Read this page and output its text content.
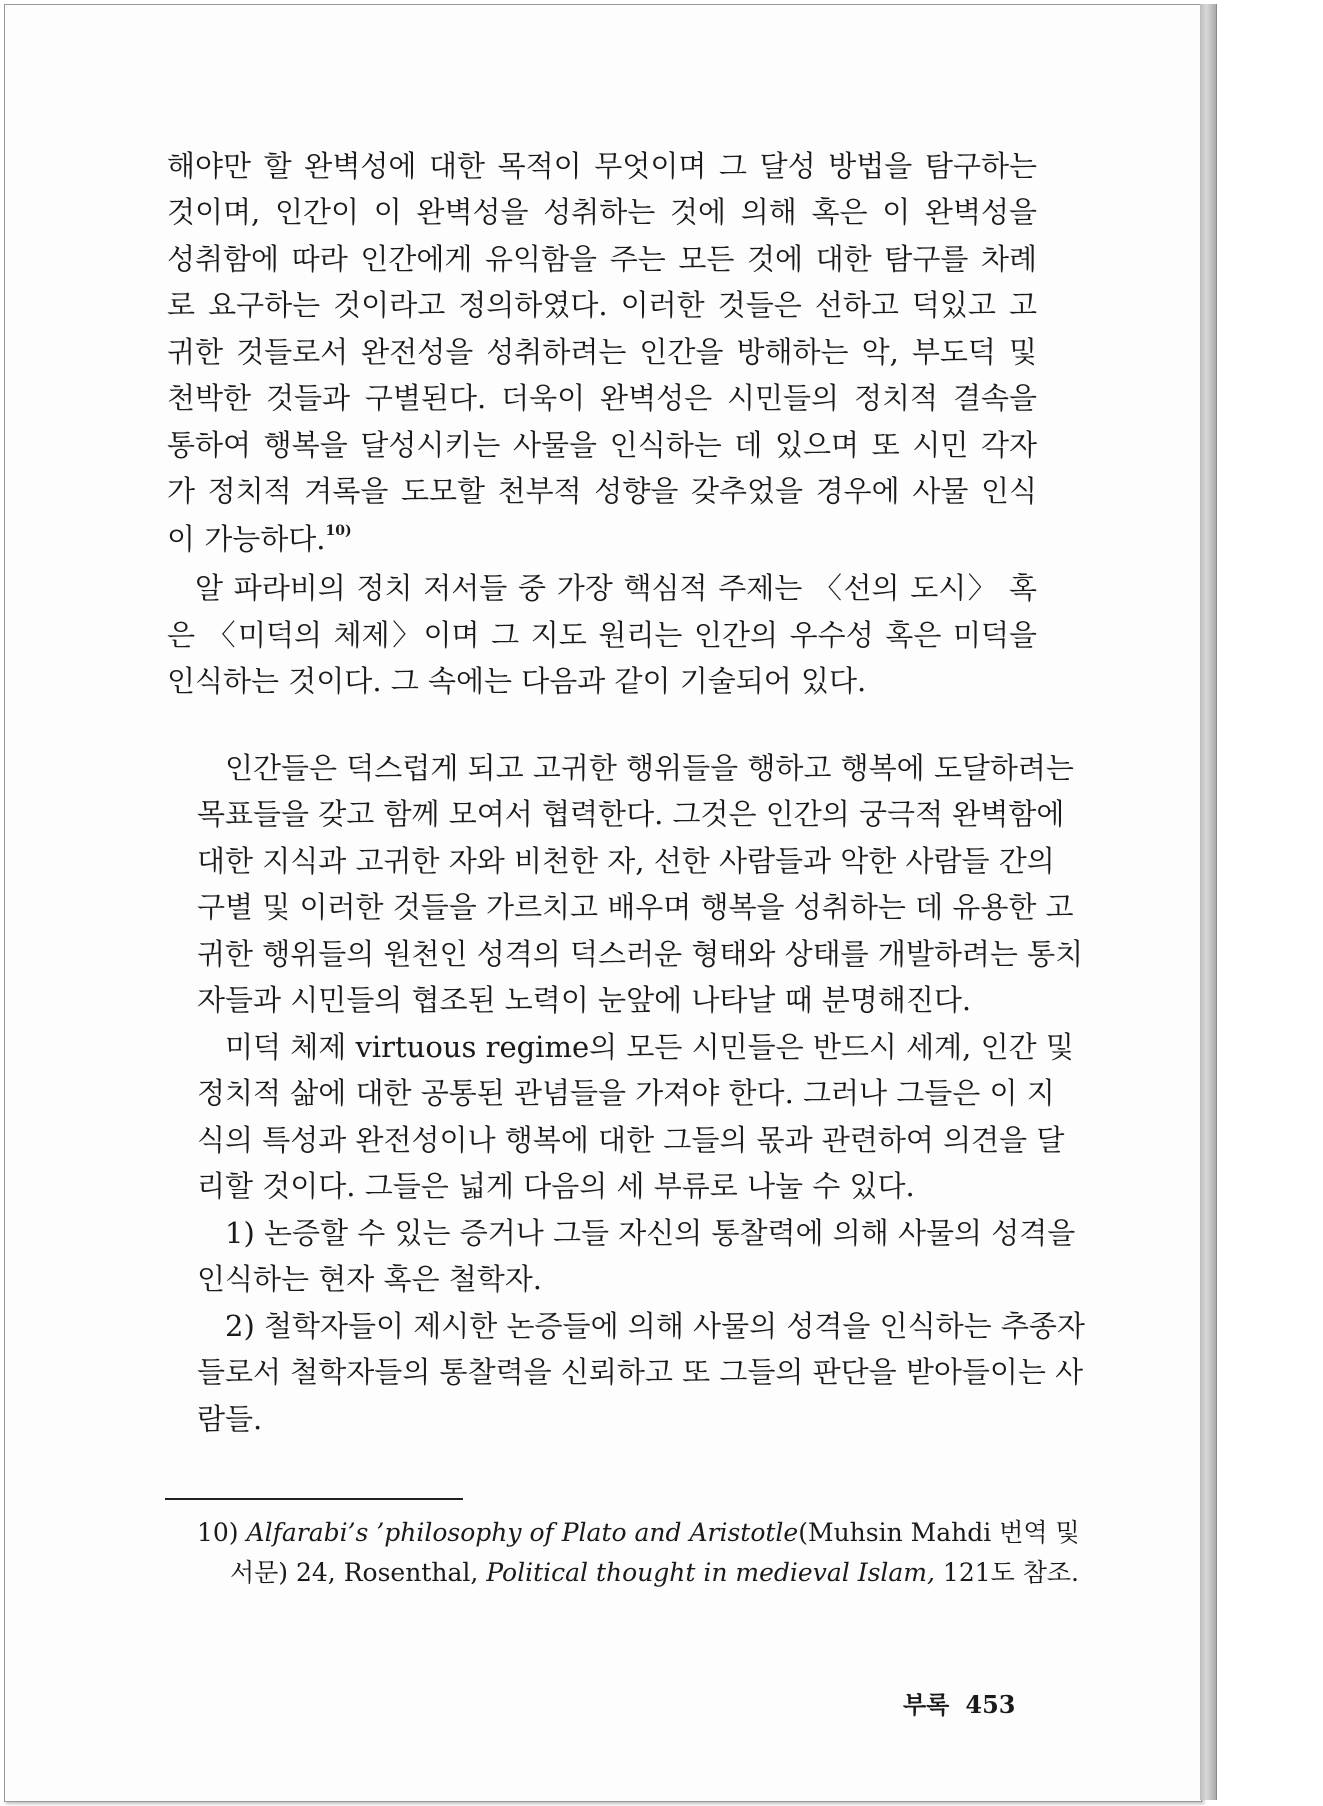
해야만 할 완벽성에 대한 목적이 무엇이며 그 달성 방법을 탐구하는
것이며, 인간이 이 완벽성을 성취하는 것에 의해 혹은 이 완벽성을
성취함에 따라 인간에게 유익함을 주는 모든 것에 대한 탐구를 차례
로 요구하는 것이라고 정의하였다. 이러한 것들은 선하고 덕있고 고
귀한 것들로서 완전성을 성취하려는 인간을 방해하는 악, 부도덕 및
천박한 것들과 구별된다. 더욱이 완벽성은 시민들의 정치적 결속을
통하여 행복을 달성시키는 사물을 인식하는 데 있으며 또 시민 각자
가 정치적 겨록을 도모할 천부적 성향을 갖추었을 경우에 사물 인식
이 가능하다.$^{10)}$
알 파라비의 정치 저서들 중 가장 핵심적 주제는 〈선의 도시〉 혹
은 〈미덕의 체제〉이며 그 지도 원리는 인간의 우수성 혹은 미덕을
인식하는 것이다. 그 속에는 다음과 같이 기술되어 있다.
인간들은 덕스럽게 되고 고귀한 행위들을 행하고 행복에 도달하려는
목표들을 갖고 함께 모여서 협력한다. 그것은 인간의 궁극적 완벽함에
대한 지식과 고귀한 자와 비천한 자, 선한 사람들과 악한 사람들 간의
구별 및 이러한 것들을 가르치고 배우며 행복을 성취하는 데 유용한 고
귀한 행위들의 원천인 성격의 덕스러운 형태와 상태를 개발하려는 통치
자들과 시민들의 협조된 노력이 눈앞에 나타날 때 분명해진다.
미덕 체제 virtuous regime의 모든 시민들은 반드시 세계, 인간 및
정치적 삶에 대한 공통된 관념들을 가져야 한다. 그러나 그들은 이 지
식의 특성과 완전성이나 행복에 대한 그들의 몫과 관련하여 의견을 달
리할 것이다. 그들은 넓게 다음의 세 부류로 나눌 수 있다.
1) 논증할 수 있는 증거나 그들 자신의 통찰력에 의해 사물의 성격을
인식하는 현자 혹은 철학자.
2) 철학자들이 제시한 논증들에 의해 사물의 성격을 인식하는 추종자
들로서 철학자들의 통찰력을 신뢰하고 또 그들의 판단을 받아들이는 사
람들.
10) Alfarabi’s ’philosophy of Plato and Aristotle(Muhsin Mahdi 번역 및
서문) 24, Rosenthal, Political thought in medieval Islam, 121도 참조.
부록 453
